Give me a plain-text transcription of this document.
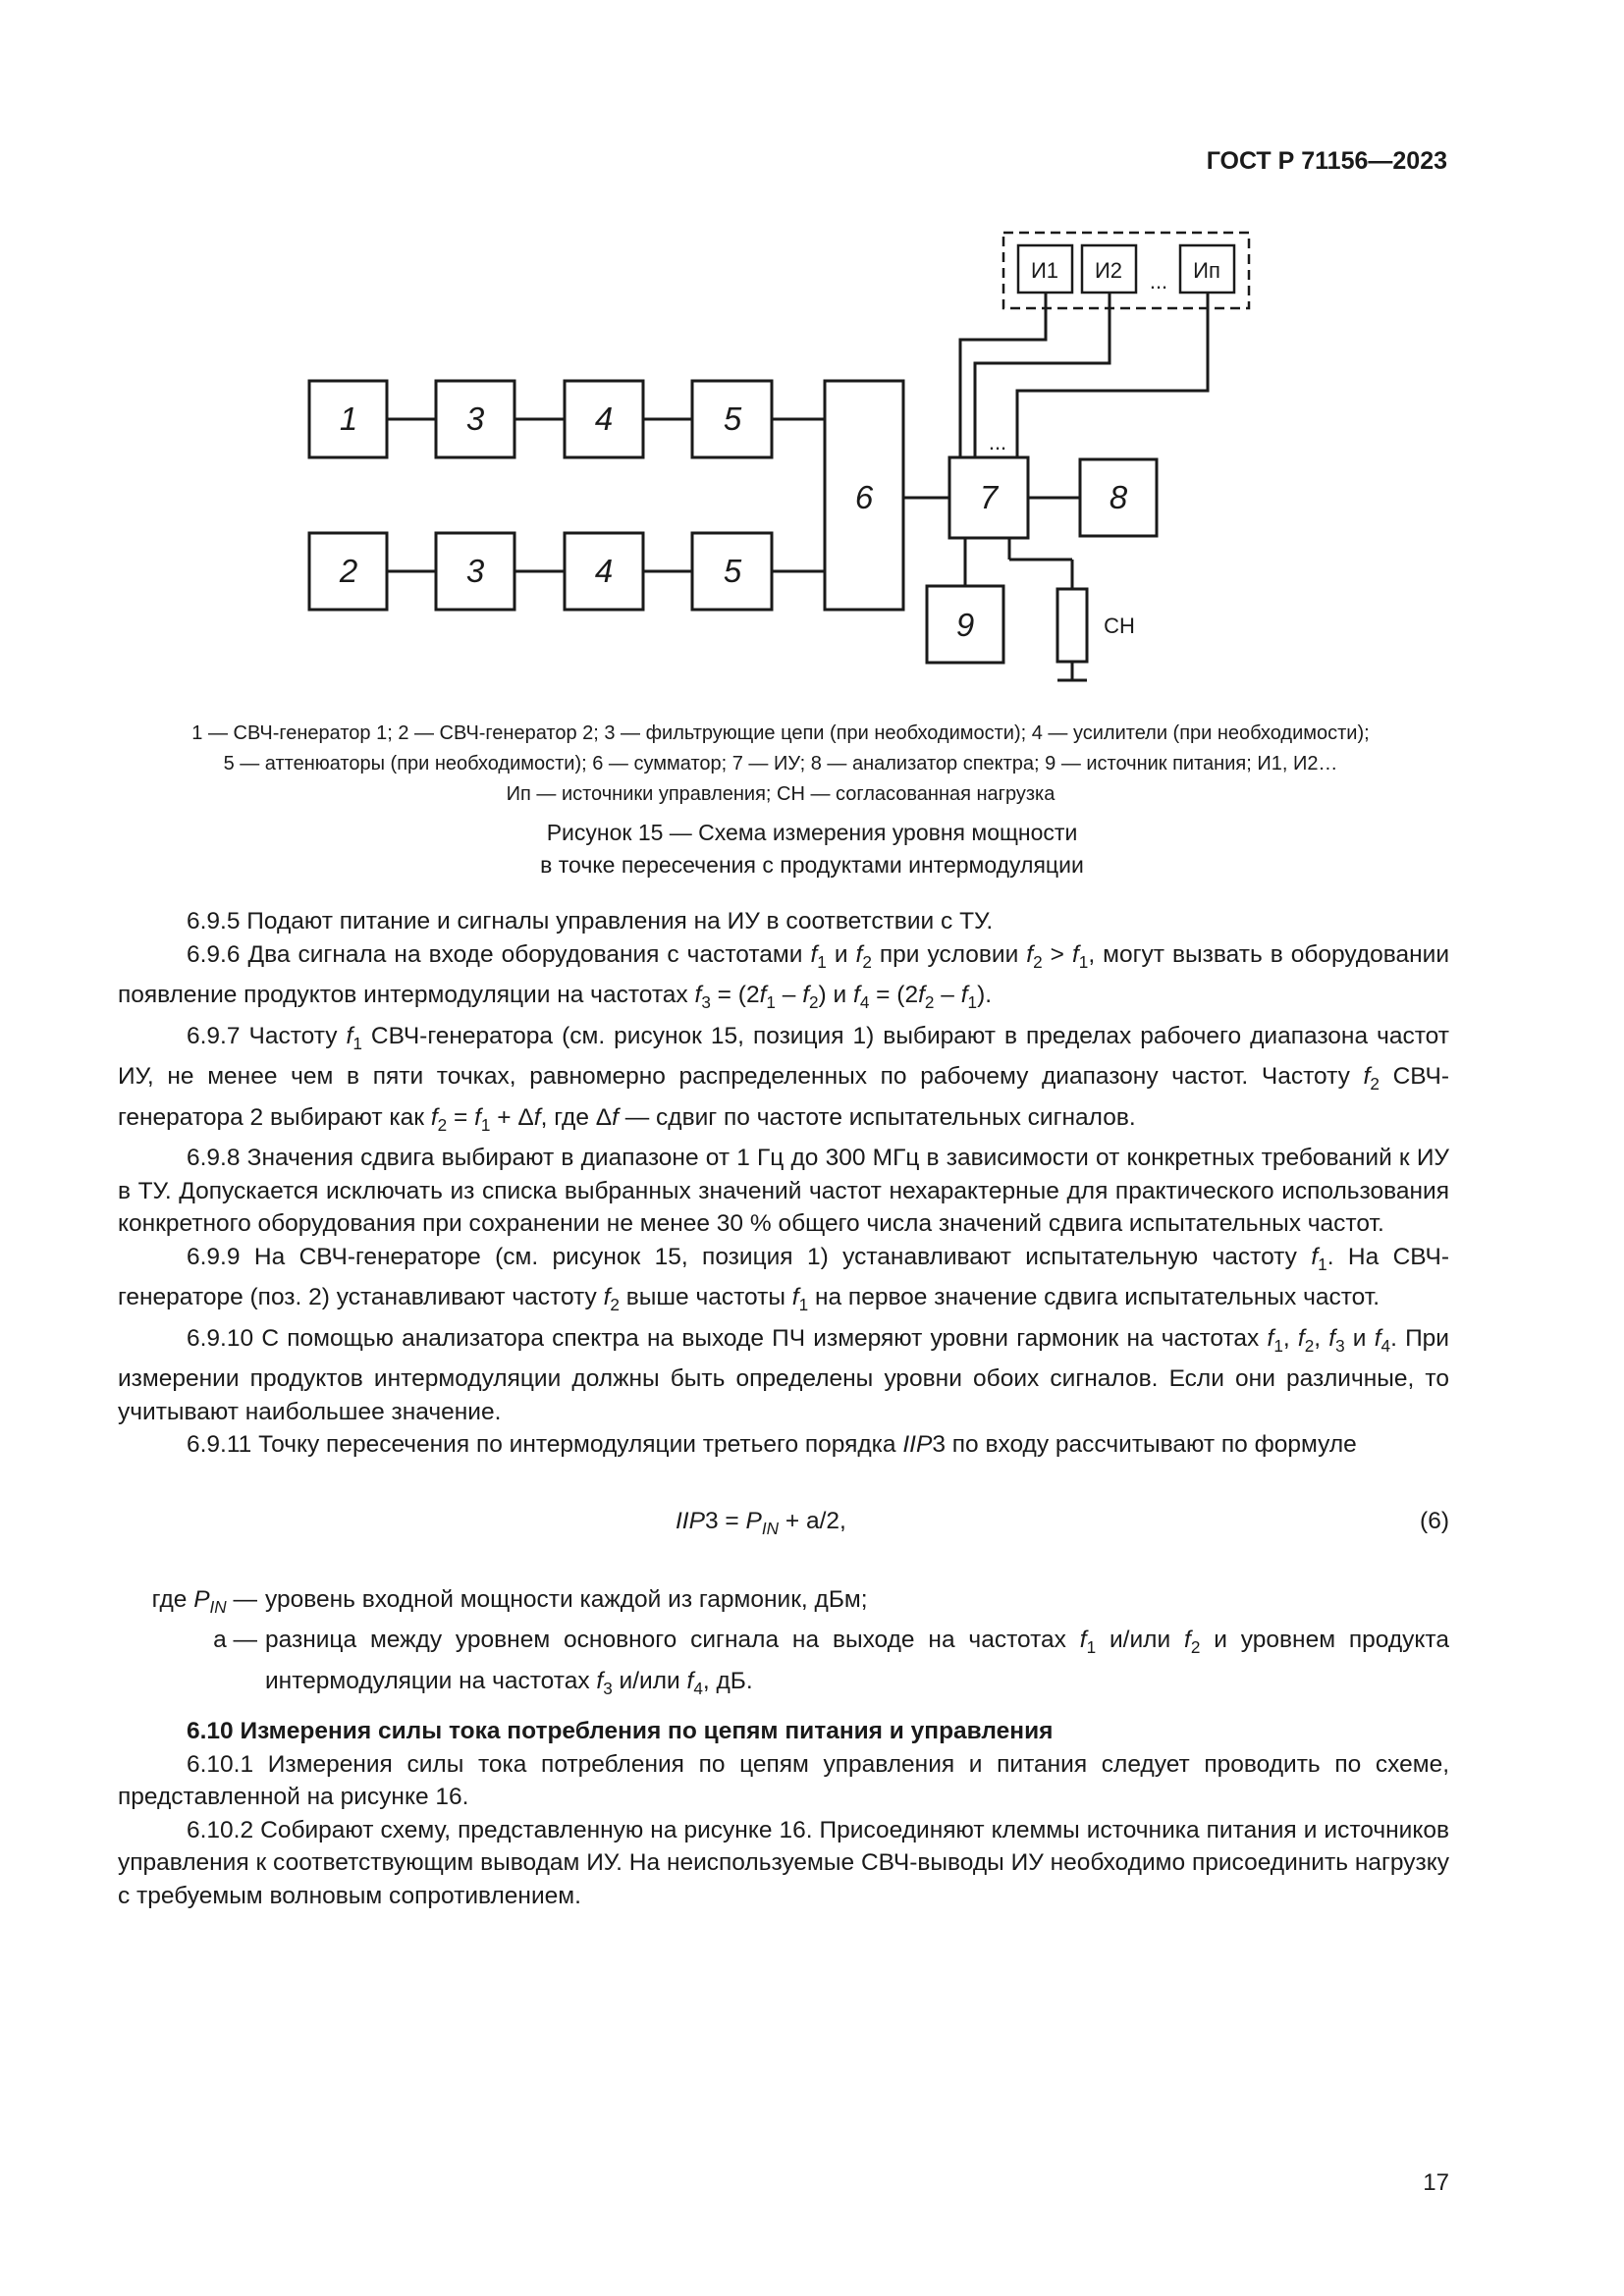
ГОСТ Р 71156—2023
1	3	4	5
2	3	4	5
6	7	8
9	СН
...
И1 И2 ... Ип
1 — СВЧ-генератор 1; 2 — СВЧ-генератор 2; 3 — фильтрующие цепи (при необходимости); 4 — усилители (при необходимости);
5 — аттенюаторы (при необходимости); 6 — сумматор; 7 — ИУ; 8 — анализатор спектра; 9 — источник питания; И1, И2…
Ип — источники управления; СН — согласованная нагрузка
Рисунок 15 — Схема измерения уровня мощности
в точке пересечения с продуктами интермодуляции

6.9.5 Подают питание и сигналы управления на ИУ в соответствии с ТУ.

6.9.6 Два сигнала на входе оборудования с частотами $f_1$ и $f_2$ при условии $f_2 > f_1$, могут вызвать в оборудовании появление продуктов интермодуляции на частотах $f_3 = (2f_1 - f_2)$ и $f_4 = (2f_2 - f_1)$.

6.9.7 Частоту $f_1$ СВЧ-генератора (см. рисунок 15, позиция 1) выбирают в пределах рабочего диапазона частот ИУ, не менее чем в пяти точках, равномерно распределенных по рабочему диапазону частот. Частоту $f_2$ СВЧ-генератора 2 выбирают как $f_2 = f_1 + \Delta f$, где Δf — сдвиг по частоте испытательных сигналов.

6.9.8 Значения сдвига выбирают в диапазоне от 1 Гц до 300 МГц в зависимости от конкретных требований к ИУ в ТУ. Допускается исключать из списка выбранных значений частот нехарактерные для практического использования конкретного оборудования при сохранении не менее 30 % общего числа значений сдвига испытательных частот.

6.9.9 На СВЧ-генераторе (см. рисунок 15, позиция 1) устанавливают испытательную частоту $f_1$. На СВЧ-генераторе (поз. 2) устанавливают частоту $f_2$ выше частоты $f_1$ на первое значение сдвига испытательных частот.

6.9.10 С помощью анализатора спектра на выходе ПЧ измеряют уровни гармоник на частотах $f_1$, $f_2$, $f_3$ и $f_4$. При измерении продуктов интермодуляции должны быть определены уровни обоих сигналов. Если они различные, то учитывают наибольшее значение.

6.9.11 Точку пересечения по интермодуляции третьего порядка IIP3 по входу рассчитывают по формуле

$IIP3 = P_{IN} + a/2$,	(6)
где $P_{IN}$ — уровень входной мощности каждой из гармоник, дБм;
a — разница между уровнем основного сигнала на выходе на частотах $f_1$ и/или $f_2$ и уровнем продукта интермодуляции на частотах $f_3$ и/или $f_4$, дБ.

6.10 Измерения силы тока потребления по цепям питания и управления

6.10.1 Измерения силы тока потребления по цепям управления и питания следует проводить по схеме, представленной на рисунке 16.

6.10.2 Собирают схему, представленную на рисунке 16. Присоединяют клеммы источника питания и источников управления к соответствующим выводам ИУ. На неиспользуемые СВЧ-выводы ИУ необходимо присоединить нагрузку с требуемым волновым сопротивлением.

17
